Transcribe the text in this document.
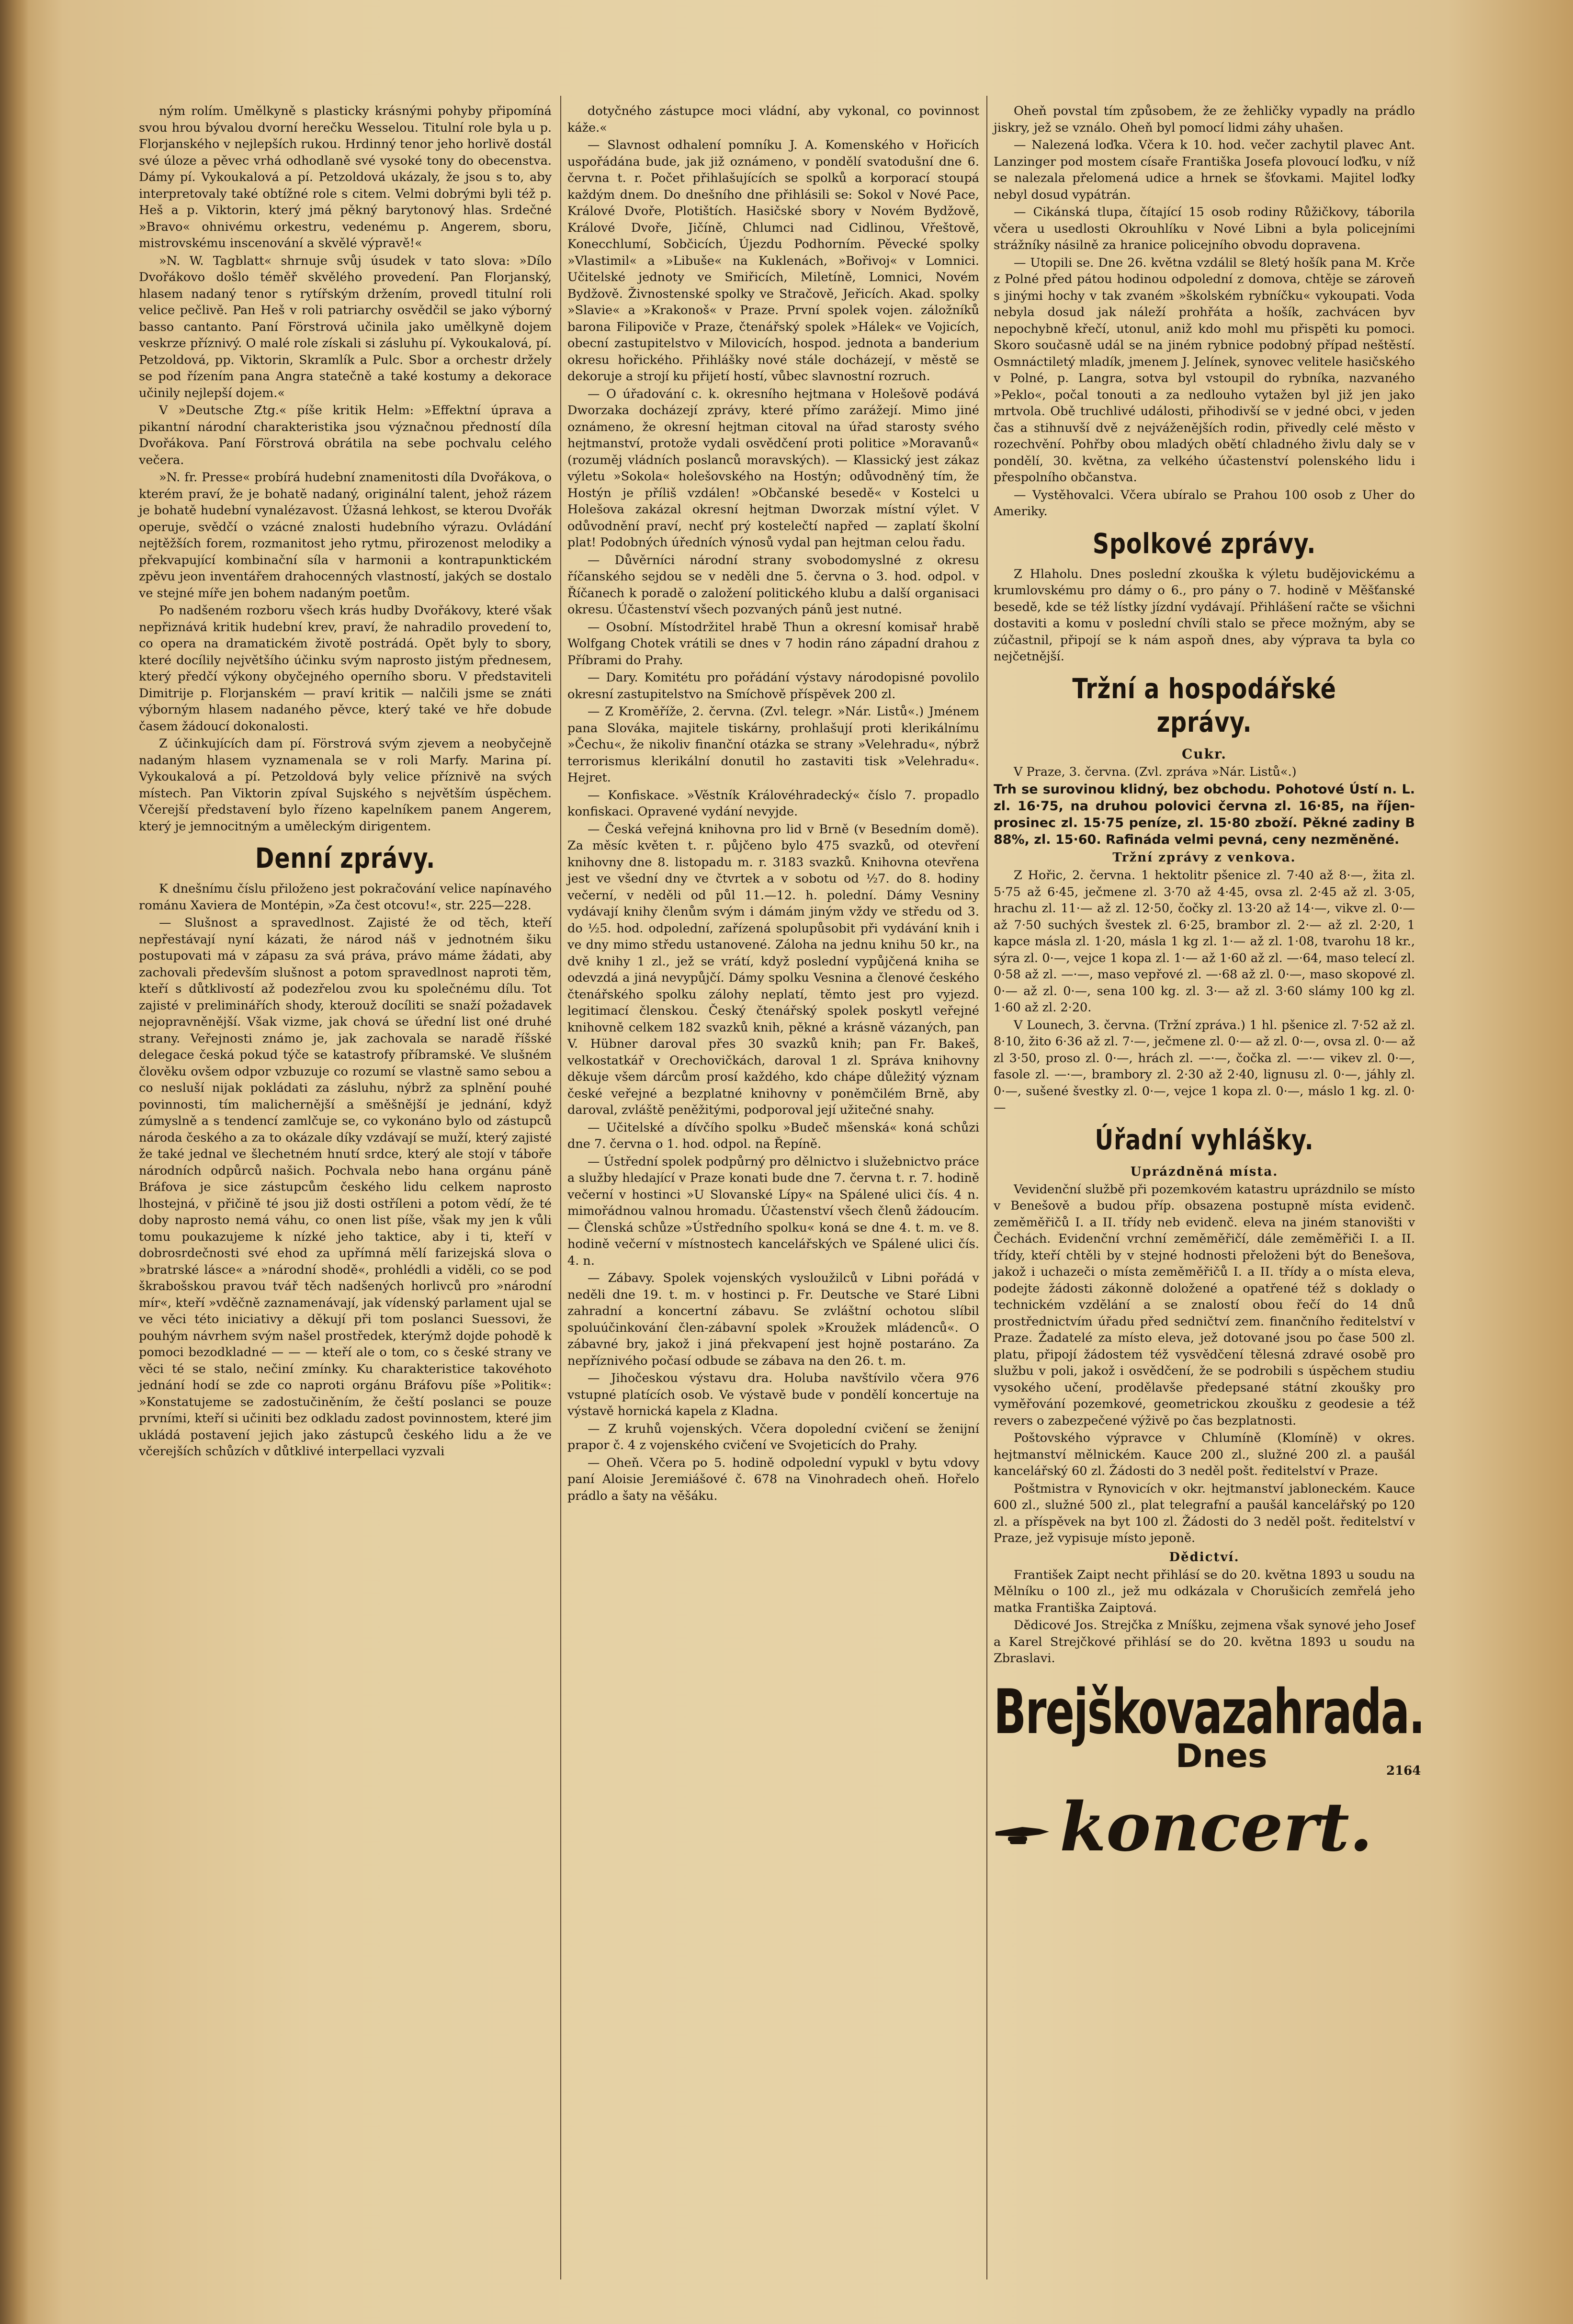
ným rolím. Umělkyně s plasticky krásnými pohyby připomíná svou hrou bývalou dvorní herečku Wesselou. Titulní role byla u p. Florjanského v nejlepších rukou. Hrdinný tenor jeho horlivě dostál své úloze a pěvec vrhá odhodlaně své vysoké tony do obecenstva. Dámy pí. Vykoukalová a pí. Petzoldová ukázaly, že jsou s to, aby interpretovaly také obtížné role s citem. Velmi dobrými byli též p. Heš a p. Viktorin, který jmá pěkný barytonový hlas. Srdečné »Bravo« ohnivému orkestru, vedenému p. Angerem, sboru, mistrovskému inscenování a skvělé výpravě!«

»N. W. Tagblatt« shrnuje svůj úsudek v tato slova: »Dílo Dvořákovo došlo téměř skvělého provedení. Pan Florjanský, hlasem nadaný tenor s rytířským držením, provedl titulní roli velice pečlivě. Pan Heš v roli patriarchy osvědčil se jako výborný basso cantanto. Paní Förstrová učinila jako umělkyně dojem veskrze příznivý. O malé role získali si zásluhu pí. Vykoukalová, pí. Petzoldová, pp. Viktorin, Skramlík a Pulc. Sbor a orchestr držely se pod řízením pana Angra statečně a také kostumy a dekorace učinily nejlepší dojem.«

V »Deutsche Ztg.« píše kritik Helm: »Effektní úprava a pikantní národní charakteristika jsou význačnou předností díla Dvořákova. Paní Förstrová obrátila na sebe pochvalu celého večera.

»N. fr. Presse« probírá hudební znamenitosti díla Dvořákova, o kterém praví, že je bohatě nadaný, originální talent, jehož rázem je bohatě hudební vynalézavost. Úžasná lehkost, se kterou Dvořák operuje, svědčí o vzácné znalosti hudebního výrazu. Ovládání nejtěžších forem, rozmanitost jeho rytmu, přirozenost melodiky a překvapující kombinační síla v harmonii a kontrapunktickém zpěvu jeon inventářem drahocenných vlastností, jakých se dostalo ve stejné míře jen bohem nadaným poetům.

Po nadšeném rozboru všech krás hudby Dvořákovy, které však nepřiznává kritik hudební krev, praví, že nahradilo provedení to, co opera na dramatickém životě postrádá. Opět byly to sbory, které docílily největšího účinku svým naprosto jistým přednesem, který předčí výkony obyčejného operního sboru. V představiteli Dimitrije p. Florjanském — praví kritik — nalčili jsme se znáti výborným hlasem nadaného pěvce, který také ve hře dobude časem žádoucí dokonalosti.

Z účinkujících dam pí. Förstrová svým zjevem a neobyčejně nadaným hlasem vyznamenala se v roli Marfy. Marina pí. Vykoukalová a pí. Petzoldová byly velice příznivě na svých místech. Pan Viktorin zpíval Sujského s největším úspěchem. Včerejší představení bylo řízeno kapelníkem panem Angerem, který je jemnocitným a uměleckým dirigentem.

Denní zprávy.

K dnešnímu číslu přiloženo jest pokračování velice napínavého románu Xaviera de Montépin, »Za čest otcovu!«, str. 225—228.

— Slušnost a spravedlnost. Zajisté že od těch, kteří nepřestávají nyní kázati, že národ náš v jednotném šiku postupovati má v zápasu za svá práva, právo máme žádati, aby zachovali především slušnost a potom spravedlnost naproti těm, kteří s důtklivostí až podezřelou zvou ku společnému dílu. Tot zajisté v preliminářích shody, kterouž docíliti se snaží požadavek nejopravněnější. Však vizme, jak chová se úřední list oné druhé strany. Veřejnosti známo je, jak zachovala se naradě říšské delegace česká pokud týče se katastrofy příbramské. Ve slušném člověku ovšem odpor vzbuzuje co rozumí se vlastně samo sebou a co nesluší nijak pokládati za zásluhu, nýbrž za splnění pouhé povinnosti, tím malichernější a směšnější je jednání, když zúmyslně a s tendencí zamlčuje se, co vykonáno bylo od zástupců národa českého a za to okázale díky vzdávají se muží, který zajisté že také jednal ve šlechetném hnutí srdce, který ale stojí v táboře národních odpůrců našich. Pochvala nebo hana orgánu páně Bráfova je sice zástupcům českého lidu celkem naprosto lhostejná, v přičině té jsou již dosti ostříleni a potom vědí, že té doby naprosto nemá váhu, co onen list píše, však my jen k vůli tomu poukazujeme k nízké jeho taktice, aby i ti, kteří v dobrosrdečnosti své ehod za upřímná mělí farizejská slova o »bratrské lásce« a »národní shodě«, prohlédli a viděli, co se pod škrabošskou pravou tvář těch nadšených horlivců pro »národní mír«, kteří »vděčně zaznamenávají, jak vídenský parlament ujal se ve věci této iniciativy a děkují při tom poslanci Suessovi, že pouhým návrhem svým našel prostředek, kterýmž dojde pohodě k pomoci bezodkladné — — — kteří ale o tom, co s české strany ve věci té se stalo, nečiní zmínky. Ku charakteristice takovéhoto jednání hodí se zde co naproti orgánu Bráfovu píše »Politik«: »Konstatujeme se zadostučiněním, že čeští poslanci se pouze prvními, kteří si učiniti bez odkladu zadost povinnostem, které jim ukládá postavení jejich jako zástupců českého lidu a že ve včerejších schůzích v důtklivé interpellaci vyzvali

dotyčného zástupce moci vládní, aby vykonal, co povinnost káže.«

— Slavnost odhalení pomníku J. A. Komenského v Hořicích uspořádána bude, jak již oznámeno, v pondělí svatodušní dne 6. června t. r. Počet přihlašujících se spolků a korporací stoupá každým dnem. Do dnešního dne přihlásili se: Sokol v Nové Pace, Králové Dvoře, Plotištích. Hasičské sbory v Novém Bydžově, Králové Dvoře, Jičíně, Chlumci nad Cidlinou, Vřeštově, Konecchlumí, Sobčicích, Újezdu Podhorním. Pěvecké spolky »Vlastimil« a »Libuše« na Kuklenách, »Bořivoj« v Lomnici. Učitelské jednoty ve Smiřicích, Miletíně, Lomnici, Novém Bydžově. Živnostenské spolky ve Stračově, Jeřicích. Akad. spolky »Slavie« a »Krakonoš« v Praze. První spolek vojen. záložníků barona Filipoviče v Praze, čtenářský spolek »Hálek« ve Vojicích, obecní zastupitelstvo v Milovicích, hospod. jednota a banderium okresu hořického. Přihlášky nové stále docházejí, v městě se dekoruje a strojí ku přijetí hostí, vůbec slavnostní rozruch.

— O úřadování c. k. okresního hejtmana v Holešově podává Dworzaka docházejí zprávy, které přímo zarážejí. Mimo jiné oznámeno, že okresní hejtman citoval na úřad starosty svého hejtmanství, protože vydali osvědčení proti politice »Moravanů« (rozuměj vládních poslanců moravských). — Klassický jest zákaz výletu »Sokola« holešovského na Hostýn; odůvodněný tím, že Hostýn je příliš vzdálen! »Občanské besedě« v Kostelci u Holešova zakázal okresní hejtman Dworzak místní výlet. V odůvodnění praví, nechť prý kostelečtí napřed — zaplatí školní plat! Podobných úředních výnosů vydal pan hejtman celou řadu.

— Důvěrníci národní strany svobodomyslné z okresu říčanského sejdou se v neděli dne 5. června o 3. hod. odpol. v Říčanech k poradě o založení politického klubu a další organisaci okresu. Účastenství všech pozvaných pánů jest nutné.

— Osobní. Místodržitel hrabě Thun a okresní komisař hrabě Wolfgang Chotek vrátili se dnes v 7 hodin ráno západní drahou z Příbrami do Prahy.

— Dary. Komitétu pro pořádání výstavy národopisné povolilo okresní zastupitelstvo na Smíchově příspěvek 200 zl.

— Z Kroměříže, 2. června. (Zvl. telegr. »Nár. Listů«.) Jménem pana Slováka, majitele tiskárny, prohlašují proti klerikálnímu »Čechu«, že nikoliv finanční otázka se strany »Velehradu«, nýbrž terrorismus klerikální donutil ho zastaviti tisk »Velehradu«. Hejret.

— Konfiskace. »Věstník Královéhradecký« číslo 7. propadlo konfiskaci. Opravené vydání nevyjde.

— Česká veřejná knihovna pro lid v Brně (v Besedním domě). Za měsíc květen t. r. půjčeno bylo 475 svazků, od otevření knihovny dne 8. listopadu m. r. 3183 svazků. Knihovna otevřena jest ve všední dny ve čtvrtek a v sobotu od ½7. do 8. hodiny večerní, v neděli od půl 11.—12. h. polední. Dámy Vesniny vydávají knihy členům svým i dámám jiným vždy ve středu od 3. do ½5. hod. odpolední, zařízená spolupůsobit při vydávání knih i ve dny mimo středu ustanovené. Záloha na jednu knihu 50 kr., na dvě knihy 1 zl., jež se vrátí, když poslední vypůjčená kniha se odevzdá a jiná nevypůjčí. Dámy spolku Vesnina a členové českého čtenářského spolku zálohy neplatí, těmto jest pro vyjezd. legitimací členskou. Český čtenářský spolek poskytl veřejné knihovně celkem 182 svazků knih, pěkné a krásně vázaných, pan V. Hübner daroval přes 30 svazků knih; pan Fr. Bakeš, velkostatkář v Orechovičkách, daroval 1 zl. Správa knihovny děkuje všem dárcům prosí každého, kdo chápe důležitý význam české veřejné a bezplatné knihovny v poněmčilém Brně, aby daroval, zvláště peněžitými, podporoval její užitečné snahy.

— Učitelské a dívčího spolku »Budeč mšenská« koná schůzi dne 7. června o 1. hod. odpol. na Řepíně.

— Ústřední spolek podpůrný pro dělnictvo i služebnictvo práce a služby hledající v Praze konati bude dne 7. června t. r. 7. hodině večerní v hostinci »U Slovanské Lípy« na Spálené ulici čís. 4 n. mimořádnou valnou hromadu. Účastenství všech členů žádoucím. — Členská schůze »Ústředního spolku« koná se dne 4. t. m. ve 8. hodině večerní v místnostech kancelářských ve Spálené ulici čís. 4. n.

— Zábavy. Spolek vojenských vysloužilců v Libni pořádá v neděli dne 19. t. m. v hostinci p. Fr. Deutsche ve Staré Libni zahradní a koncertní zábavu. Se zvláštní ochotou slíbil spoluúčinkování člen-zábavní spolek »Kroužek mládenců«. O zábavné bry, jakož i jiná překvapení jest hojně postaráno. Za nepříznivého počasí odbude se zábava na den 26. t. m.

— Jihočeskou výstavu dra. Holuba navštívilo včera 976 vstupné platících osob. Ve výstavě bude v pondělí koncertuje na výstavě hornická kapela z Kladna.

— Z kruhů vojenských. Včera dopolední cvičení se ženijní prapor č. 4 z vojenského cvičení ve Svojeticích do Prahy.

— Oheň. Včera po 5. hodině odpolední vypukl v bytu vdovy paní Aloisie Jeremiášové č. 678 na Vinohradech oheň. Hořelo prádlo a šaty na věšáku.

Oheň povstal tím způsobem, že ze žehličky vypadly na prádlo jiskry, jež se vználo. Oheň byl pomocí lidmi záhy uhašen.

— Nalezená loďka. Včera k 10. hod. večer zachytil plavec Ant. Lanzinger pod mostem císaře Františka Josefa plovoucí loďku, v níž se nalezala přelomená udice a hrnek se šťovkami. Majitel loďky nebyl dosud vypátrán.

— Cikánská tlupa, čítající 15 osob rodiny Růžičkovy, táborila včera u usedlosti Okrouhlíku v Nové Libni a byla policejními strážníky násilně za hranice policejního obvodu dopravena.

— Utopili se. Dne 26. května vzdálil se 8letý hošík pana M. Krče z Polné před pátou hodinou odpolední z domova, chtěje se zároveň s jinými hochy v tak zvaném »školském rybníčku« vykoupati. Voda nebyla dosud jak náleží prohřáta a hošík, zachvácen byv nepochybně křečí, utonul, aniž kdo mohl mu přispěti ku pomoci. Skoro současně udál se na jiném rybnice podobný případ neštěstí. Osmnáctiletý mladík, jmenem J. Jelínek, synovec velitele hasičského v Polné, p. Langra, sotva byl vstoupil do rybníka, nazvaného »Peklo«, počal tonouti a za nedlouho vytažen byl již jen jako mrtvola. Obě truchlivé události, přihodivší se v jedné obci, v jeden čas a stihnuvší dvě z nejváženějších rodin, přivedly celé město v rozechvění. Pohřby obou mladých obětí chladného živlu daly se v pondělí, 30. května, za velkého účastenství polenského lidu i přespolního občanstva.

— Vystěhovalci. Včera ubíralo se Prahou 100 osob z Uher do Ameriky.

Spolkové zprávy.

Z Hlaholu. Dnes poslední zkouška k výletu budějovickému a krumlovskému pro dámy o 6., pro pány o 7. hodině v Měšťanské besedě, kde se též lístky jízdní vydávají. Přihlášení račte se všichni dostaviti a komu v poslední chvíli stalo se přece možným, aby se zúčastnil, připojí se k nám aspoň dnes, aby výprava ta byla co nejčetnější.

Tržní a hospodářské zprávy.
Cukr.

V Praze, 3. června. (Zvl. zpráva »Nár. Listů«.)

Trh se surovinou klidný, bez obchodu. Pohotové Ústí n. L. zl. 16·75, na druhou polovici června zl. 16·85, na říjen-prosinec zl. 15·75 peníze, zl. 15·80 zboží. Pěkné zadiny B 88%, zl. 15·60. Rafináda velmi pevná, ceny nezměněné.
Tržní zprávy z venkova.

Z Hořic, 2. června. 1 hektolitr pšenice zl. 7·40 až 8·—, žita zl. 5·75 až 6·45, ječmene zl. 3·70 až 4·45, ovsa zl. 2·45 až zl. 3·05, hrachu zl. 11·— až zl. 12·50, čočky zl. 13·20 až 14·—, vikve zl. 0·— až 7·50 suchých švestek zl. 6·25, brambor zl. 2·— až zl. 2·20, 1 kapce másla zl. 1·20, másla 1 kg zl. 1·— až zl. 1·08, tvarohu 18 kr., sýra zl. 0·—, vejce 1 kopa zl. 1·— až 1·60 až zl. —·64, maso telecí zl. 0·58 až zl. —·—, maso vepřové zl. —·68 až zl. 0·—, maso skopové zl. 0·— až zl. 0·—, sena 100 kg. zl. 3·— až zl. 3·60 slámy 100 kg zl. 1·60 až zl. 2·20.

V Lounech, 3. června. (Tržní zpráva.) 1 hl. pšenice zl. 7·52 až zl. 8·10, žito 6·36 až zl. 7·—, ječmene zl. 0·— až zl. 0·—, ovsa zl. 0·— až zl 3·50, proso zl. 0·—, hrách zl. —·—, čočka zl. —·— vikev zl. 0·—, fasole zl. —·—, brambory zl. 2·30 až 2·40, lignusu zl. 0·—, jáhly zl. 0·—, sušené švestky zl. 0·—, vejce 1 kopa zl. 0·—, máslo 1 kg. zl. 0·—

Úřadní vyhlášky.
Uprázdněná místa.

Vevidenční službě při pozemkovém katastru uprázdnilo se místo v Benešově a budou příp. obsazena postupně místa evidenč. zeměměřičů I. a II. třídy neb evidenč. eleva na jiném stanovišti v Čechách. Evidenční vrchní zeměměřičí, dále zeměměřiči I. a II. třídy, kteří chtěli by v stejné hodnosti přeloženi být do Benešova, jakož i uchazeči o místa zeměměřičů I. a II. třídy a o místa eleva, podejte žádosti zákonně doložené a opatřené též s doklady o technickém vzdělání a se znalostí obou řečí do 14 dnů prostřednictvím úřadu před sedničtví zem. finančního ředitelství v Praze. Žadatelé za místo eleva, jež dotované jsou po čase 500 zl. platu, připojí žádostem též vysvědčení tělesná zdravé osobě pro službu v poli, jakož i osvědčení, že se podrobili s úspěchem studiu vysokého učení, prodělavše předepsané státní zkoušky pro vyměřování pozemkové, geometrickou zkoušku z geodesie a též revers o zabezpečené výživě po čas bezplatnosti.

Poštovského výpravce v Chlumíně (Klomíně) v okres. hejtmanství mělnickém. Kauce 200 zl., služné 200 zl. a paušál kancelářský 60 zl. Žádosti do 3 neděl pošt. ředitelství v Praze.

Poštmistra v Rynovicích v okr. hejtmanství jabloneckém. Kauce 600 zl., služné 500 zl., plat telegrafní a paušál kancelářský po 120 zl. a příspěvek na byt 100 zl. Žádosti do 3 neděl pošt. ředitelství v Praze, jež vypisuje místo jeponě.

Dědictví.

František Zaipt necht přihlásí se do 20. května 1893 u soudu na Mělníku o 100 zl., jež mu odkázala v Chorušicích zemřelá jeho matka Františka Zaiptová.

Dědicové Jos. Strejčka z Mníšku, zejmena však synové jeho Josef a Karel Strejčkové přihlásí se do 20. května 1893 u soudu na Zbraslavi.

Brejškovazahrada.
Dnes	2164
koncert.
